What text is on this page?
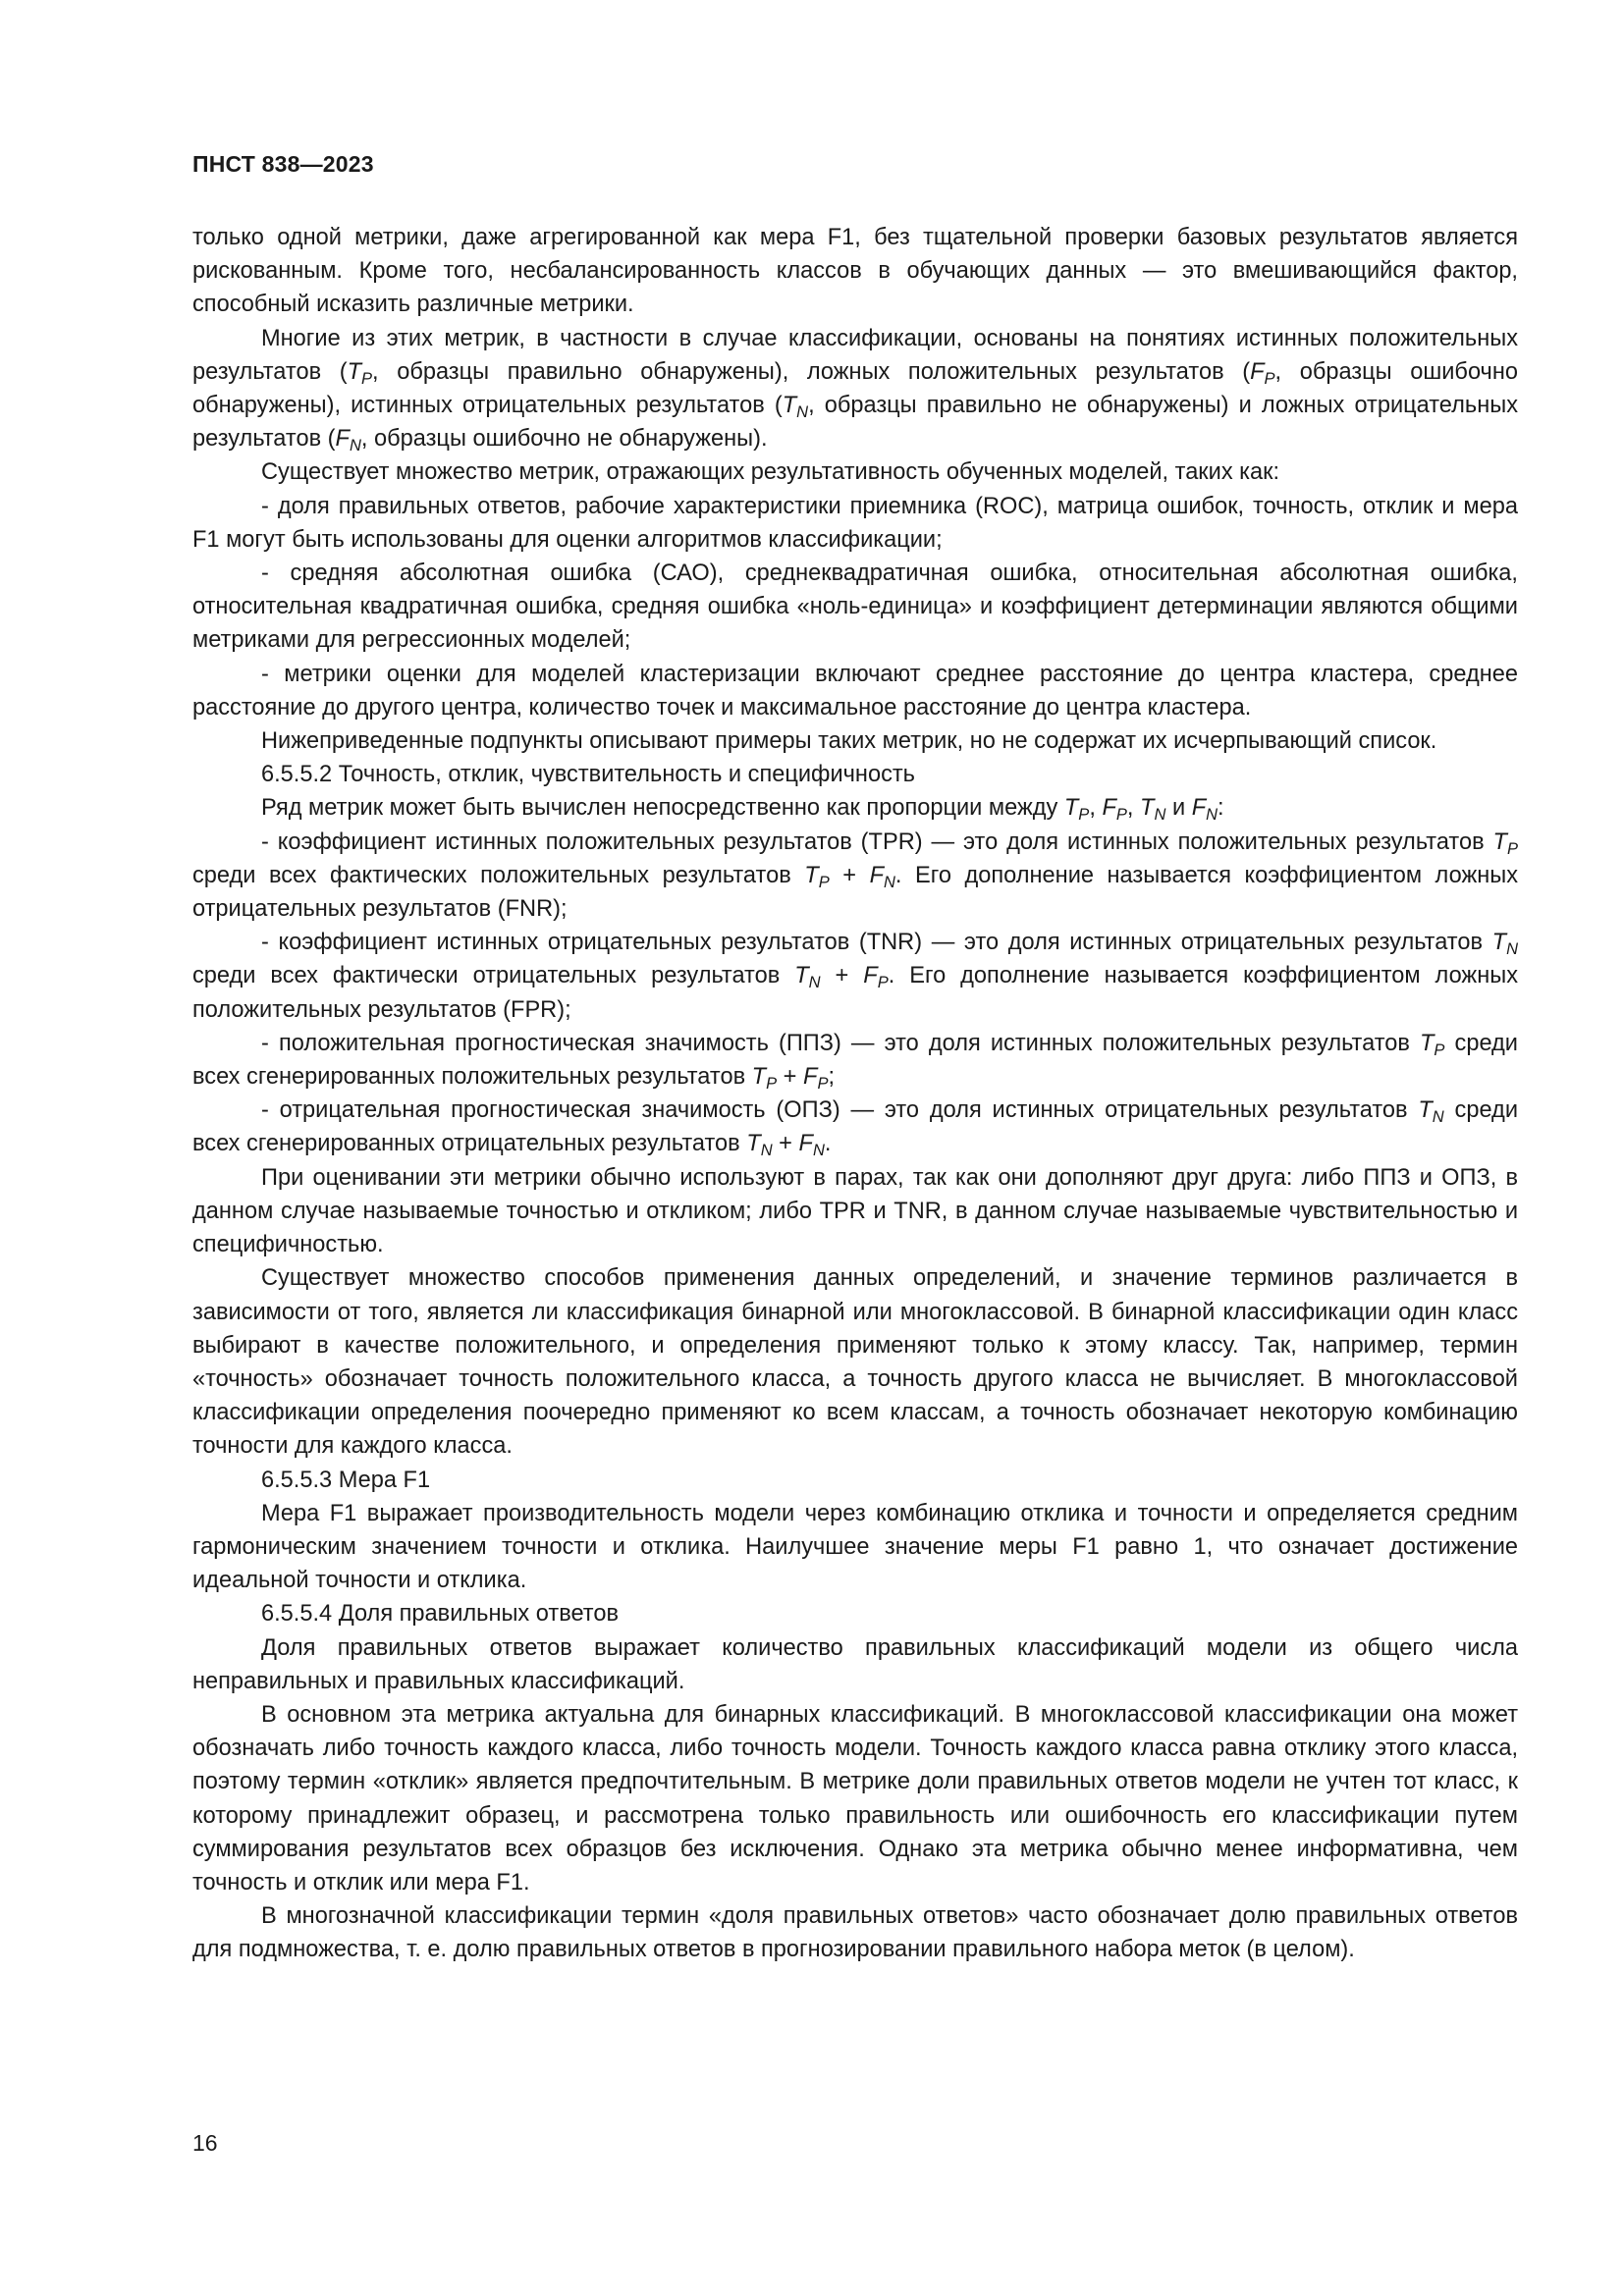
ПНСТ 838—2023

только одной метрики, даже агрегированной как мера F1, без тщательной проверки базовых результатов является рискованным. Кроме того, несбалансированность классов в обучающих данных — это вмешивающийся фактор, способный исказить различные метрики.

Многие из этих метрик, в частности в случае классификации, основаны на понятиях истинных положительных результатов ($T_P$, образцы правильно обнаружены), ложных положительных результатов ($F_P$, образцы ошибочно обнаружены), истинных отрицательных результатов ($T_N$, образцы правильно не обнаружены) и ложных отрицательных результатов ($F_N$, образцы ошибочно не обнаружены).

Существует множество метрик, отражающих результативность обученных моделей, таких как:

- доля правильных ответов, рабочие характеристики приемника (ROC), матрица ошибок, точность, отклик и мера F1 могут быть использованы для оценки алгоритмов классификации;

- средняя абсолютная ошибка (САО), среднеквадратичная ошибка, относительная абсолютная ошибка, относительная квадратичная ошибка, средняя ошибка «ноль-единица» и коэффициент детерминации являются общими метриками для регрессионных моделей;

- метрики оценки для моделей кластеризации включают среднее расстояние до центра кластера, среднее расстояние до другого центра, количество точек и максимальное расстояние до центра кластера.

Нижеприведенные подпункты описывают примеры таких метрик, но не содержат их исчерпывающий список.

6.5.5.2 Точность, отклик, чувствительность и специфичность

Ряд метрик может быть вычислен непосредственно как пропорции между $T_P$, $F_P$, $T_N$ и $F_N$:

- коэффициент истинных положительных результатов (TPR) — это доля истинных положительных результатов $T_P$ среди всех фактических положительных результатов $T_P + F_N$. Его дополнение называется коэффициентом ложных отрицательных результатов (FNR);

- коэффициент истинных отрицательных результатов (TNR) — это доля истинных отрицательных результатов $T_N$ среди всех фактически отрицательных результатов $T_N + F_P$. Его дополнение называется коэффициентом ложных положительных результатов (FPR);

- положительная прогностическая значимость (ППЗ) — это доля истинных положительных результатов $T_P$ среди всех сгенерированных положительных результатов $T_P + F_P$;

- отрицательная прогностическая значимость (ОПЗ) — это доля истинных отрицательных результатов $T_N$ среди всех сгенерированных отрицательных результатов $T_N + F_N$.

При оценивании эти метрики обычно используют в парах, так как они дополняют друг друга: либо ППЗ и ОПЗ, в данном случае называемые точностью и откликом; либо TPR и TNR, в данном случае называемые чувствительностью и специфичностью.

Существует множество способов применения данных определений, и значение терминов различается в зависимости от того, является ли классификация бинарной или многоклассовой. В бинарной классификации один класс выбирают в качестве положительного, и определения применяют только к этому классу. Так, например, термин «точность» обозначает точность положительного класса, а точность другого класса не вычисляет. В многоклассовой классификации определения поочередно применяют ко всем классам, а точность обозначает некоторую комбинацию точности для каждого класса.

6.5.5.3 Мера F1

Мера F1 выражает производительность модели через комбинацию отклика и точности и определяется средним гармоническим значением точности и отклика. Наилучшее значение меры F1 равно 1, что означает достижение идеальной точности и отклика.

6.5.5.4 Доля правильных ответов

Доля правильных ответов выражает количество правильных классификаций модели из общего числа неправильных и правильных классификаций.

В основном эта метрика актуальна для бинарных классификаций. В многоклассовой классификации она может обозначать либо точность каждого класса, либо точность модели. Точность каждого класса равна отклику этого класса, поэтому термин «отклик» является предпочтительным. В метрике доли правильных ответов модели не учтен тот класс, к которому принадлежит образец, и рассмотрена только правильность или ошибочность его классификации путем суммирования результатов всех образцов без исключения. Однако эта метрика обычно менее информативна, чем точность и отклик или мера F1.

В многозначной классификации термин «доля правильных ответов» часто обозначает долю правильных ответов для подмножества, т. е. долю правильных ответов в прогнозировании правильного набора меток (в целом).

16
